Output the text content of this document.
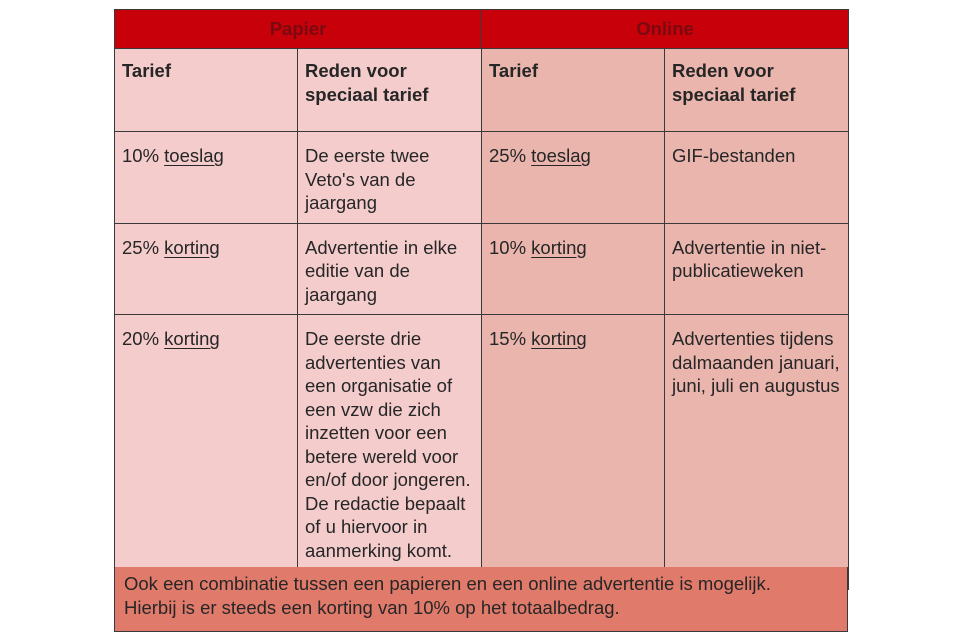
Papier		Online	
Tarief	Reden voor speciaal tarief	Tarief	Reden voor speciaal tarief
10% toeslag	De eerste twee Veto's van de jaargang	25% toeslag	GIF-bestanden
25% korting	Advertentie in elke editie van de jaargang	10% korting	Advertentie in niet-publicatieweken
20% korting	De eerste drie advertenties van een organisatie of een vzw die zich inzetten voor een betere wereld voor en/of door jongeren. De redactie bepaalt of u hiervoor in aanmerking komt.	15% korting	Advertenties tijdens dalmaanden januari, juni, juli en augustus
Ook een combinatie tussen een papieren en een online advertentie is mogelijk.
Hierbij is er steeds een korting van 10% op het totaalbedrag.
